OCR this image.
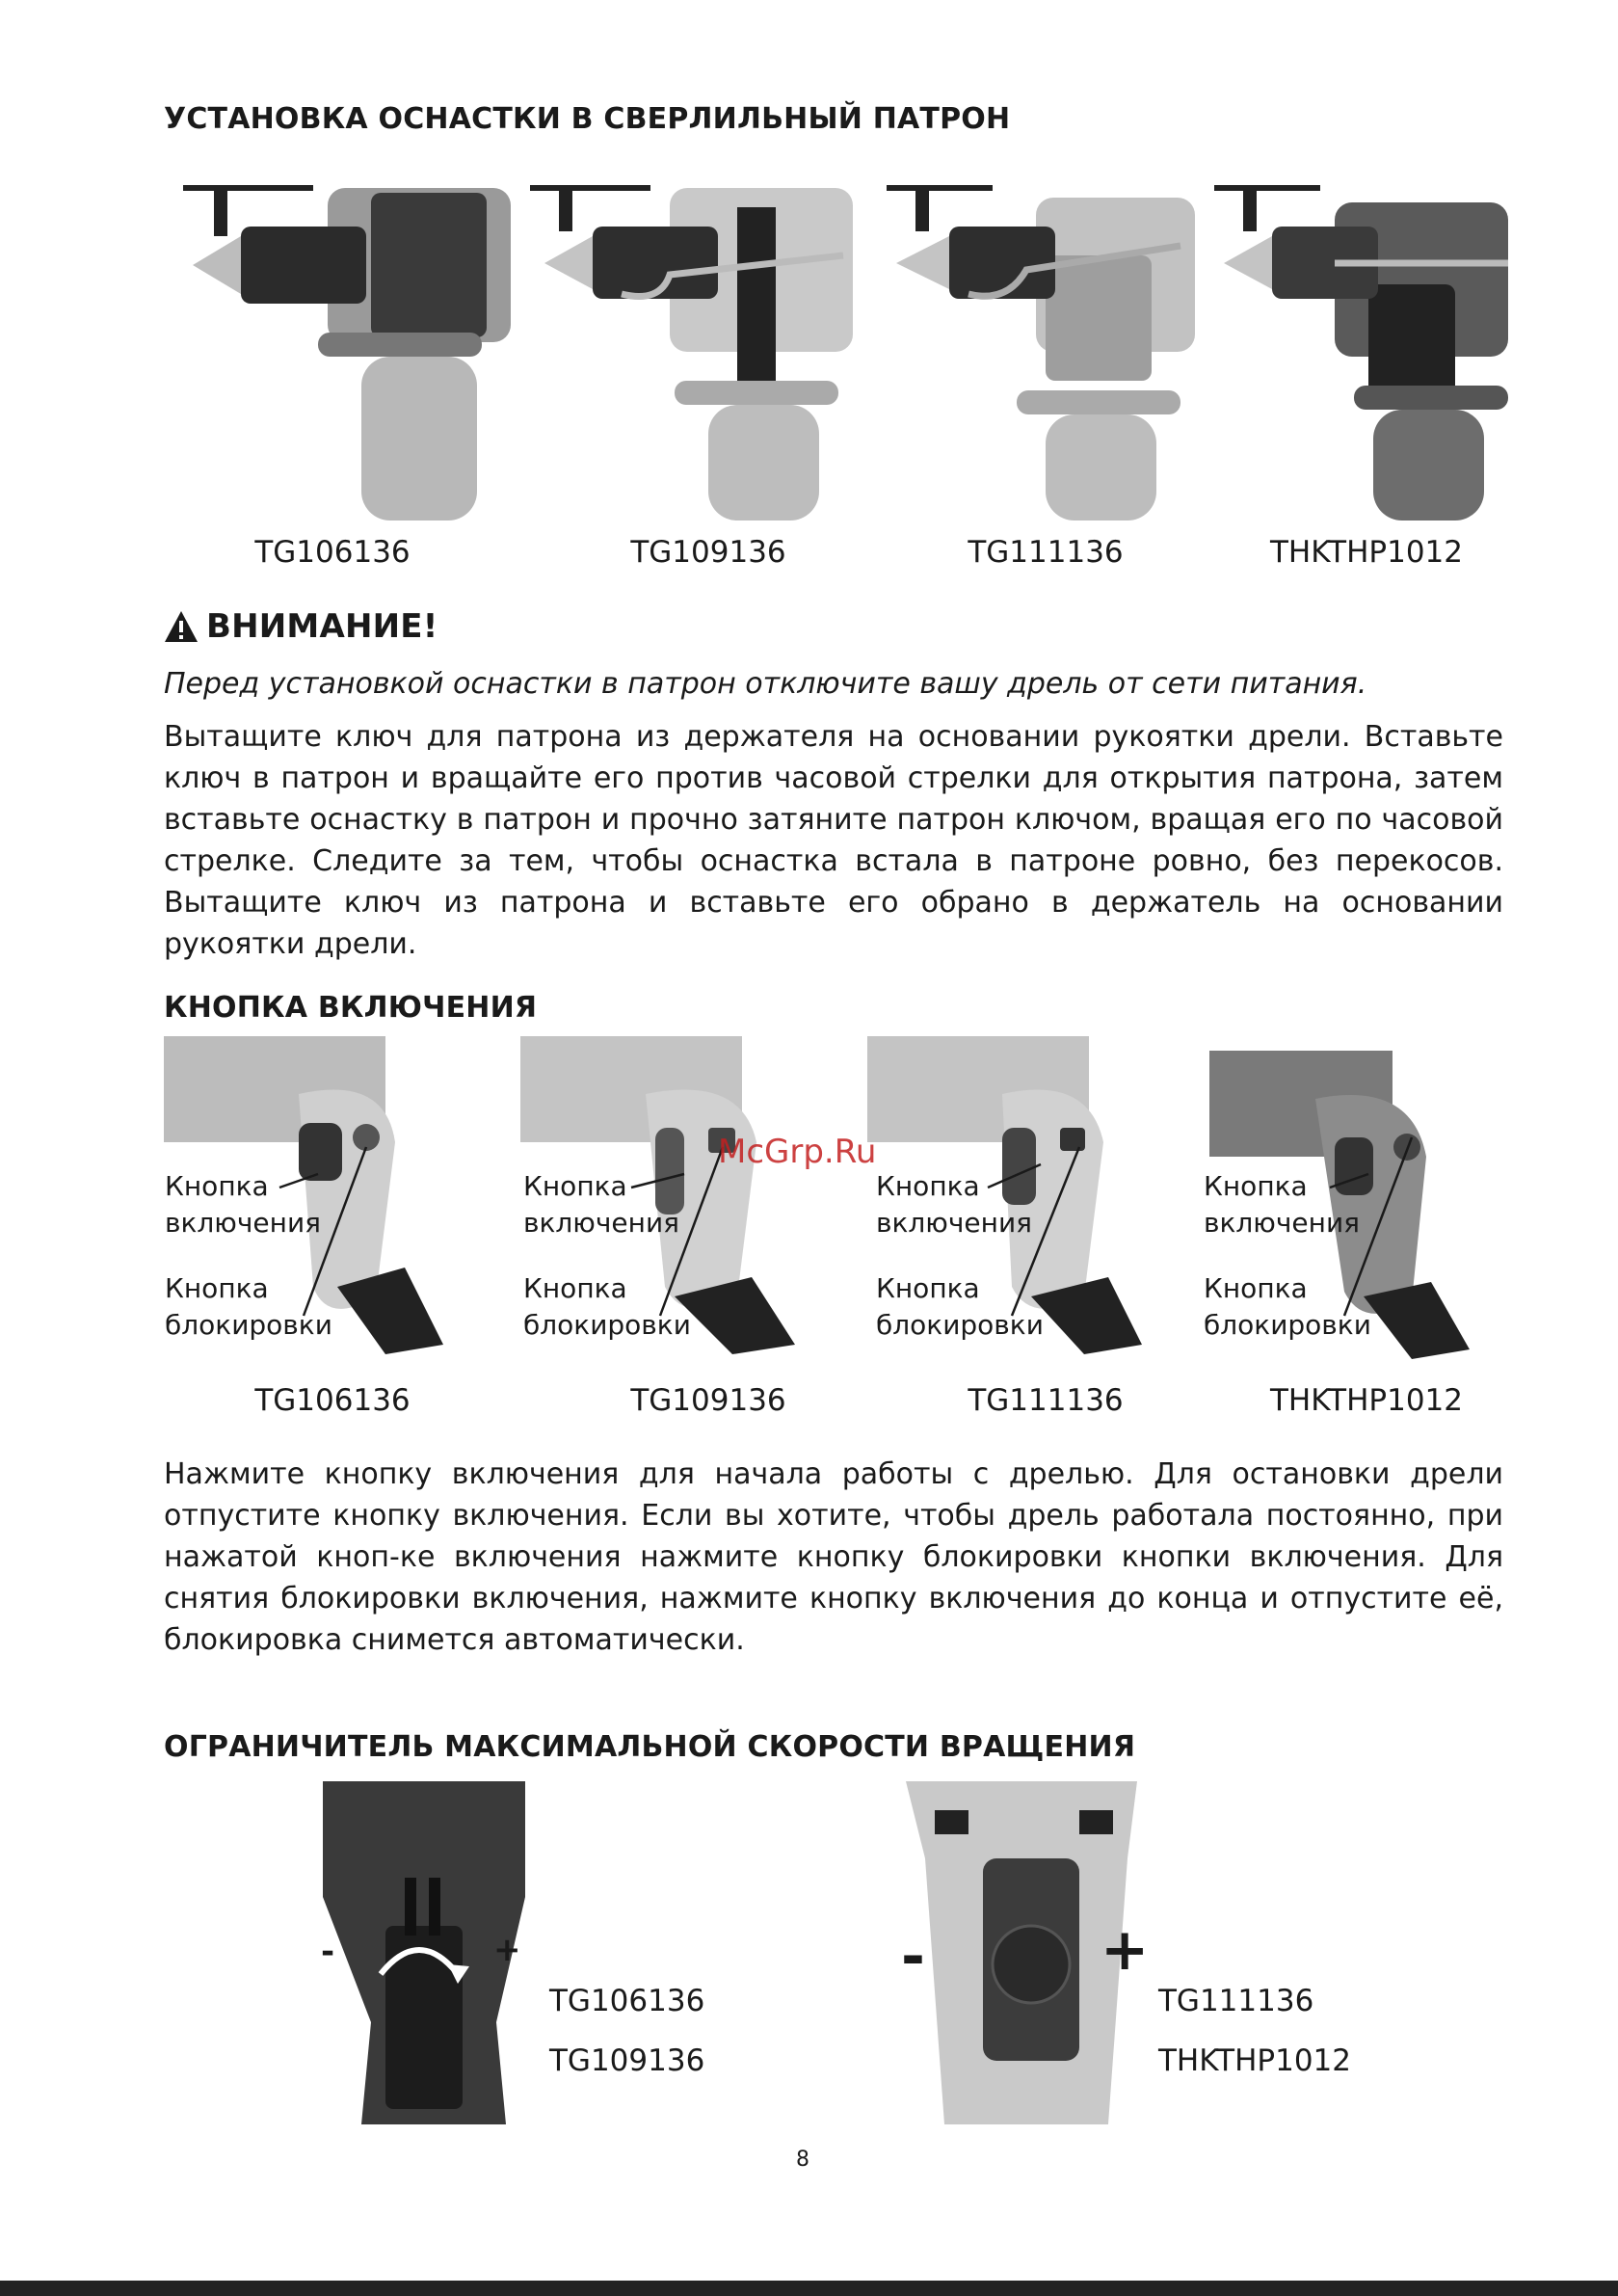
УСТАНОВКА ОСНАСТКИ В СВЕРЛИЛЬНЫЙ ПАТРОН
TG106136	TG109136	TG111136	THKTHP1012
ВНИМАНИЕ!
Перед установкой оснастки в патрон отключите вашу дрель от сети питания.
Вытащите ключ для патрона из держателя на основании рукоятки дрели. Вставьте ключ в патрон и вращайте его против часовой стрелки для открытия патрона, затем вставьте оснастку в патрон и прочно затяните патрон ключом, вращая его по часовой стрелке. Следите за тем, чтобы оснастка встала в патроне ровно, без перекосов. Вытащите ключ из патрона и вставьте его обрано в держатель на основании рукоятки дрели.
КНОПКА ВКЛЮЧЕНИЯ
Кнопка
включения
Кнопка
блокировки
Кнопка
включения
Кнопка
блокировки
Кнопка
включения
Кнопка
блокировки
Кнопка
включения
Кнопка
блокировки
McGrp.Ru
TG106136	TG109136	TG111136	THKTHP1012
Нажмите кнопку включения для начала работы с дрелью. Для остановки дрели отпустите кнопку включения. Если вы хотите, чтобы дрель работала постоянно, при нажатой кноп-ке включения нажмите кнопку блокировки кнопки включения. Для снятия блокировки включения, нажмите кнопку включения до конца и отпустите её, блокировка снимется автоматически.
ОГРАНИЧИТЕЛЬ МАКСИМАЛЬНОЙ СКОРОСТИ ВРАЩЕНИЯ
-	+
TG106136
TG109136
-	+
TG111136
THKTHP1012
8
